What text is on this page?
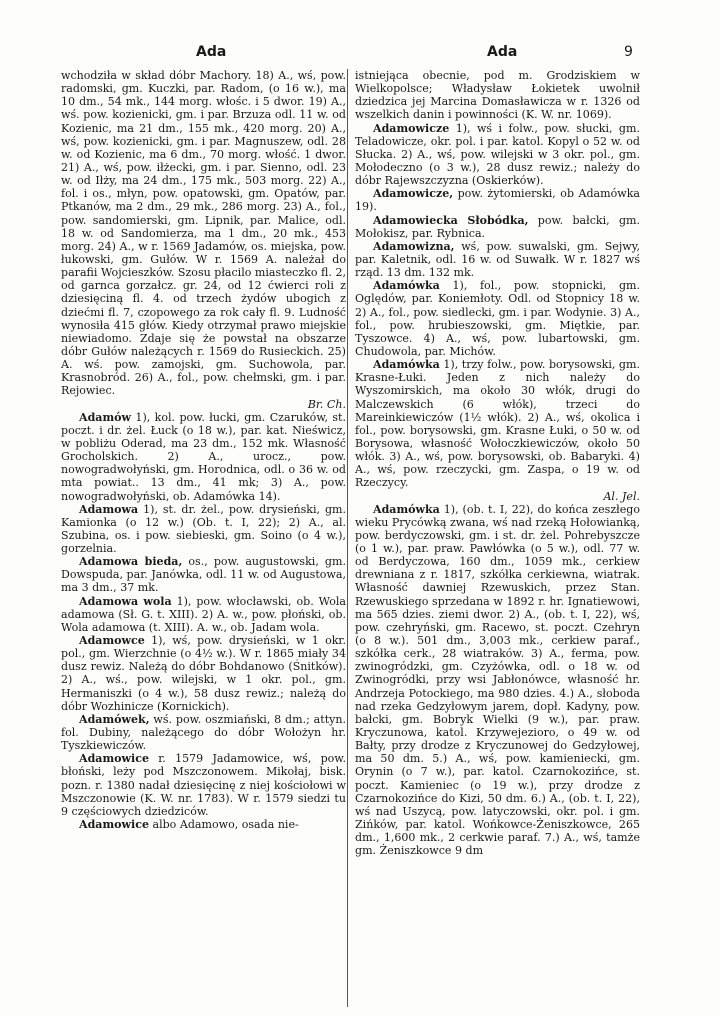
Ada	Ada	9

wchodziła w skład dóbr Machory. 18) A., wś, pow. radomski, gm. Kuczki, par. Radom, (o 16 w.), ma 10 dm., 54 mk., 144 morg. włośc. i 5 dwor. 19) A., wś. pow. kozienicki, gm. i par. Brzuza odl. 11 w. od Kozienic, ma 21 dm., 155 mk., 420 morg. 20) A., wś, pow. kozienicki, gm. i par. Magnuszew, odl. 28 w. od Kozienic, ma 6 dm., 70 morg. włość. 1 dwor. 21) A., wś, pow. iłżecki, gm. i par. Sienno, odl. 23 w. od Iłży, ma 24 dm., 175 mk., 503 morg. 22) A., fol. i os., młyn, pow. opatowski, gm. Opatów, par. Ptkanów, ma 2 dm., 29 mk., 286 morg. 23) A., fol., pow. sandomierski, gm. Lipnik, par. Malice, odl. 18 w. od Sandomierza, ma 1 dm., 20 mk., 453 morg. 24) A., w r. 1569 Jadamów, os. miejska, pow. łukowski, gm. Gułów. W r. 1569 A. należał do parafii Wojcieszków. Szosu płacilo miasteczko fl. 2, od garnca gorzałcz. gr. 24, od 12 ćwierci roli z dziesięciną fl. 4. od trzech żydów ubogich z dziećmi fl. 7, czopowego za rok cały fl. 9. Ludność wynosiła 415 głów. Kiedy otrzymał prawo miejskie niewiadomo. Zdaje się że powstał na obszarze dóbr Gułów należących r. 1569 do Rusieckich. 25) A. wś. pow. zamojski, gm. Suchowola, par. Krasnobród. 26) A., fol., pow. chełmski, gm. i par. Rejowiec.

Br. Ch.

Adamów 1), kol. pow. łucki, gm. Czaruków, st. poczt. i dr. żel. Łuck (o 18 w.), par. kat. Nieświcz, w pobliżu Oderad, ma 23 dm., 152 mk. Własność Grocholskich. 2) A., urocz., pow. nowogradwołyński, gm. Horodnica, odl. o 36 w. od mta powiat.. 13 dm., 41 mk; 3) A., pow. nowogradwołyński, ob. Adamówka 14).

Adamowa 1), st. dr. żel., pow. drysieński, gm. Kamionka (o 12 w.) (Ob. t. I, 22); 2) A., al. Szubina, os. i pow. siebieski, gm. Soino (o 4 w.), gorzelnia.

Adamowa bieda, os., pow. augustowski, gm. Dowspuda, par. Janówka, odl. 11 w. od Augustowa, ma 3 dm., 37 mk.

Adamowa wola 1), pow. włocławski, ob. Wola adamowa (Sł. G. t. XIII). 2) A. w., pow. płoński, ob. Wola adamowa (t. XIII). A. w., ob. Jadam wola.

Adamowce 1), wś, pow. drysieński, w 1 okr. pol., gm. Wierzchnie (o 4½ w.). W r. 1865 miały 34 dusz rewiz. Należą do dóbr Bohdanowo (Śnitków). 2) A., wś., pow. wilejski, w 1 okr. pol., gm. Hermaniszki (o 4 w.), 58 dusz rewiz.; należą do dóbr Wozhinicze (Kornickich).

Adamówek, wś. pow. oszmiański, 8 dm.; attyn. fol. Dubiny, należącego do dóbr Wołożyn hr. Tyszkiewiczów.

Adamowice r. 1579 Jadamowice, wś, pow. błoński, leży pod Mszczonowem. Mikołaj, bisk. pozn. r. 1380 nadał dziesięcinę z niej kościołowi w Mszczonowie (K. W. nr. 1783). W r. 1579 siedzi tu 9 częściowych dziedziców.

Adamowice albo Adamowo, osada nie-

istniejąca obecnie, pod m. Grodziskiem w Wielkopolsce; Władysław Łokietek uwolnił dziedzica jej Marcina Domasławicza w r. 1326 od wszelkich danin i powinności (K. W. nr. 1069).

Adamowicze 1), wś i folw., pow. słucki, gm. Teladowicze, okr. pol. i par. katol. Kopyl o 52 w. od Słucka. 2) A., wś, pow. wilejski w 3 okr. pol., gm. Mołodeczno (o 3 w.), 28 dusz rewiz.; należy do dóbr Rajewszczyzna (Oskierków).

Adamowicze, pow. żytomierski, ob Adamówka 19).

Adamowiecka Słobódka, pow. bałcki, gm. Mołokisz, par. Rybnica.

Adamowizna, wś, pow. suwalski, gm. Sejwy, par. Kaletnik, odl. 16 w. od Suwałk. W r. 1827 wś rząd. 13 dm. 132 mk.

Adamówka 1), fol., pow. stopnicki, gm. Oględów, par. Koniemłoty. Odl. od Stopnicy 18 w. 2) A., fol., pow. siedlecki, gm. i par. Wodynie. 3) A., fol., pow. hrubieszowski, gm. Miętkie, par. Tyszowce. 4) A., wś, pow. lubartowski, gm. Chudowola, par. Michów.

Adamówka 1), trzy folw., pow. borysowski, gm. Krasne-Łuki. Jeden z nich należy do Wyszomirskich, ma około 30 włók, drugi do Malczewskich (6 włók), trzeci do Mareinkiewiczów (1½ włók). 2) A., wś, okolica i fol., pow. borysowski, gm. Krasne Łuki, o 50 w. od Borysowa, własność Wołoczkiewiczów, około 50 włók. 3) A., wś, pow. borysowski, ob. Babaryki. 4) A., wś, pow. rzeczycki, gm. Zaspa, o 19 w. od Rzeczycy.

Al. Jel.

Adamówka 1), (ob. t. I, 22), do końca zeszłego wieku Prycówką zwana, wś nad rzeką Hołowianką, pow. berdyczowski, gm. i st. dr. żel. Pohrebyszcze (o 1 w.), par. praw. Pawłówka (o 5 w.), odl. 77 w. od Berdyczowa, 160 dm., 1059 mk., cerkiew drewniana z r. 1817, szkółka cerkiewna, wiatrak. Własność dawniej Rzewuskich, przez Stan. Rzewuskiego sprzedana w 1892 r. hr. Ignatiewowi, ma 565 dzies. ziemi dwor. 2) A., (ob. t. I, 22), wś, pow. czehryński, gm. Racewo, st. poczt. Czehryn (o 8 w.). 501 dm., 3,003 mk., cerkiew paraf., szkółka cerk., 28 wiatraków. 3) A., ferma, pow. zwinogródzki, gm. Czyżówka, odl. o 18 w. od Zwinogródki, przy wsi Jabłonówce, własność hr. Andrzeja Potockiego, ma 980 dzies. 4.) A., słoboda nad rzeka Gedzyłowym jarem, dopł. Kadyny, pow. bałcki, gm. Bobryk Wielki (9 w.), par. praw. Kryczunowa, katol. Krzywejezioro, o 49 w. od Bałty, przy drodze z Kryczunowej do Gedzyłowej, ma 50 dm. 5.) A., wś, pow. kamieniecki, gm. Orynin (o 7 w.), par. katol. Czarnokozińce, st. poczt. Kamieniec (o 19 w.), przy drodze z Czarnokozińce do Kizi, 50 dm. 6.) A., (ob. t. I, 22), wś nad Uszycą, pow. latyczowski, okr. pol. i gm. Zińków, par. katol. Wońkowce-Żeniszkowce, 265 dm., 1,600 mk., 2 cerkwie paraf. 7.) A., wś, tamże gm. Żeniszkowce 9 dm
